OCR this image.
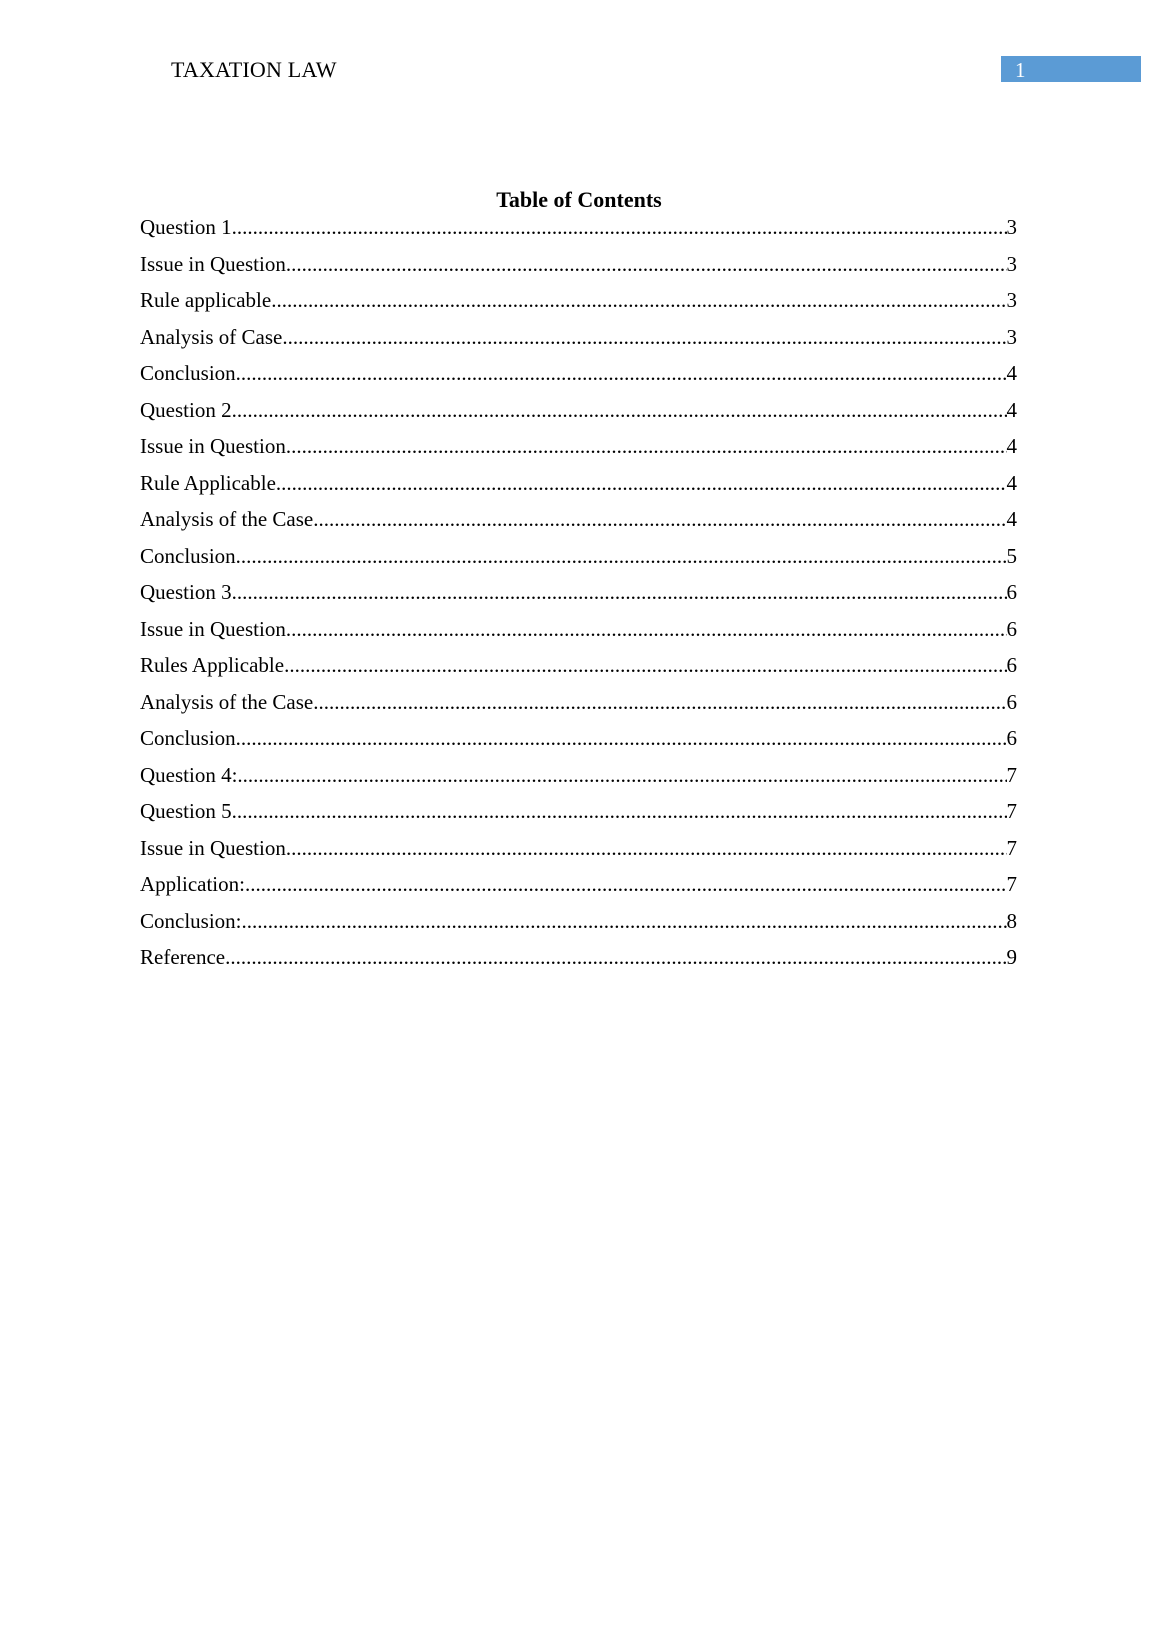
TAXATION LAW	1
Table of Contents
Question 1 .....	3
Issue in Question .....	3
Rule applicable .....	3
Analysis of Case .....	3
Conclusion .....	4
Question 2 .....	4
Issue in Question .....	4
Rule Applicable .....	4
Analysis of the Case .....	4
Conclusion .....	5
Question 3 .....	6
Issue in Question .....	6
Rules Applicable .....	6
Analysis of the Case .....	6
Conclusion .....	6
Question 4: .....	7
Question 5 .....	7
Issue in Question .....	7
Application: .....	7
Conclusion: .....	8
Reference .....	9
